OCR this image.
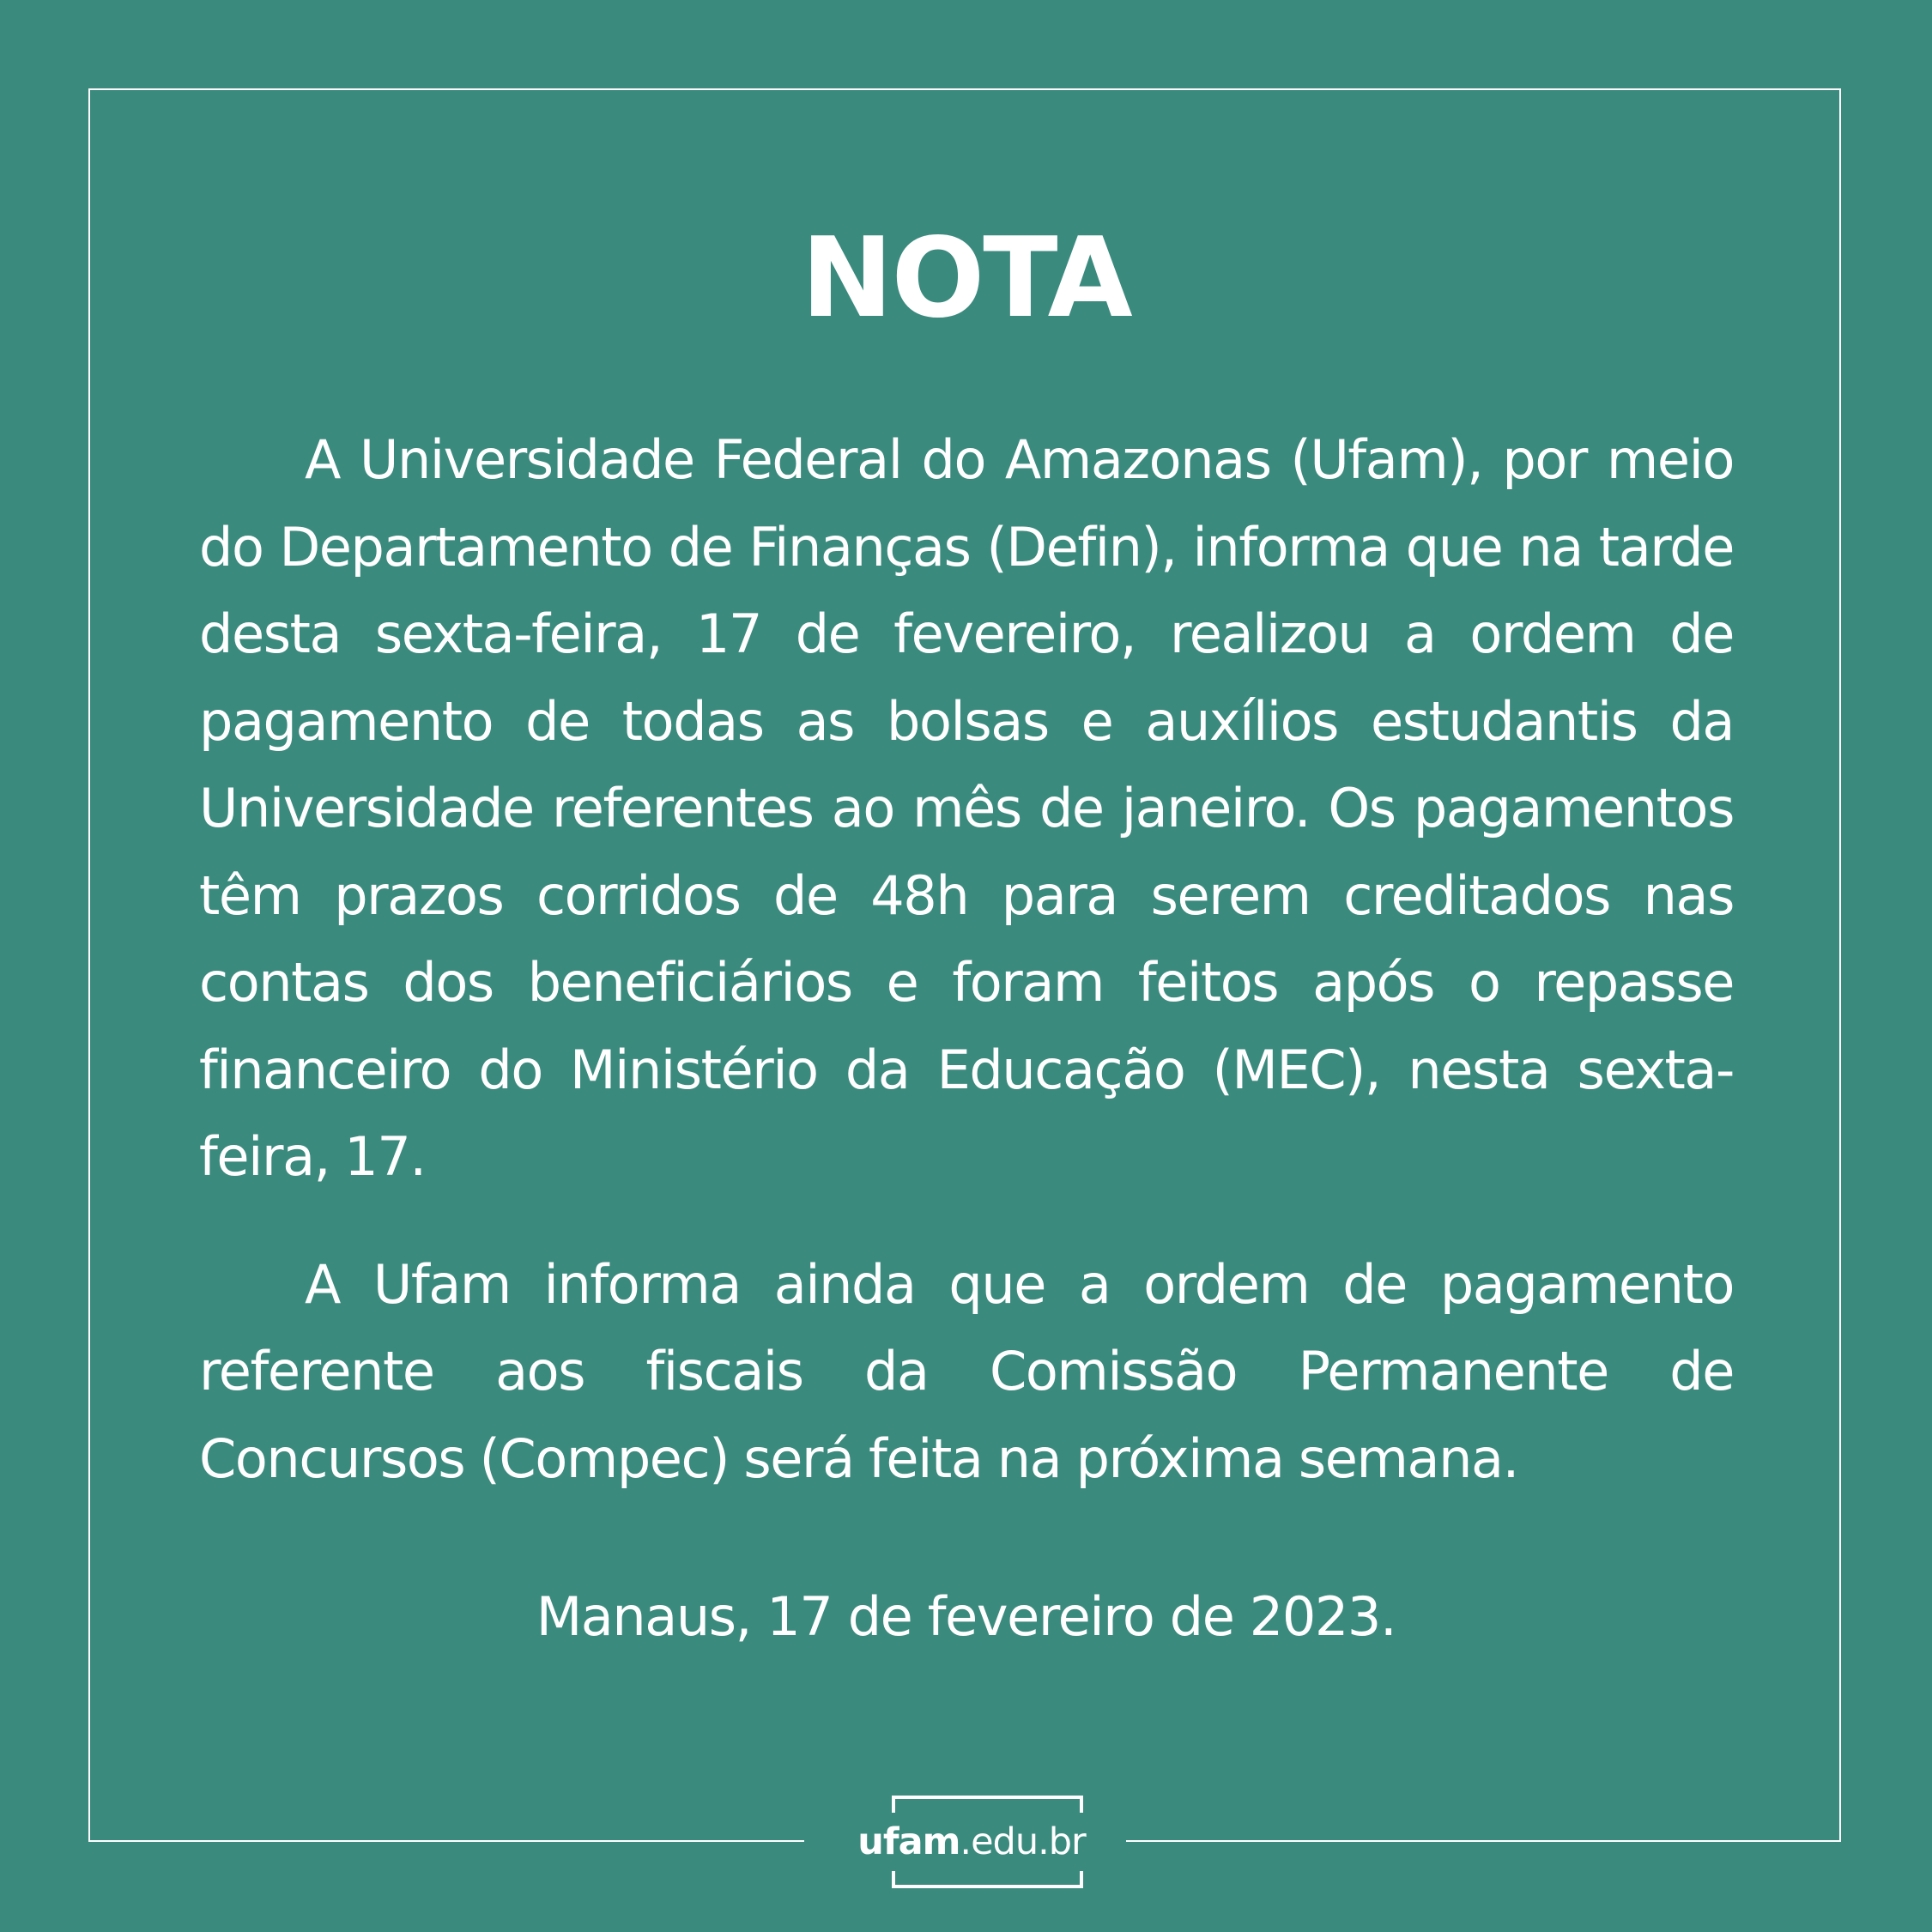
NOTA

A Universidade Federal do Amazonas (Ufam), por meio do Departamento de Finanças (Defin), informa que na tarde desta sexta-feira, 17 de fevereiro, realizou a ordem de pagamento de todas as bolsas e auxílios estudantis da Universidade referentes ao mês de janeiro. Os pagamentos têm prazos corridos de 48h para serem creditados nas contas dos beneficiários e foram feitos após o repasse financeiro do Ministério da Educação (MEC), nesta sexta-feira, 17.

A Ufam informa ainda que a ordem de pagamento referente aos fiscais da Comissão Permanente de Concursos (Compec) será feita na próxima semana.

Manaus, 17 de fevereiro de 2023.
ufam.edu.br
